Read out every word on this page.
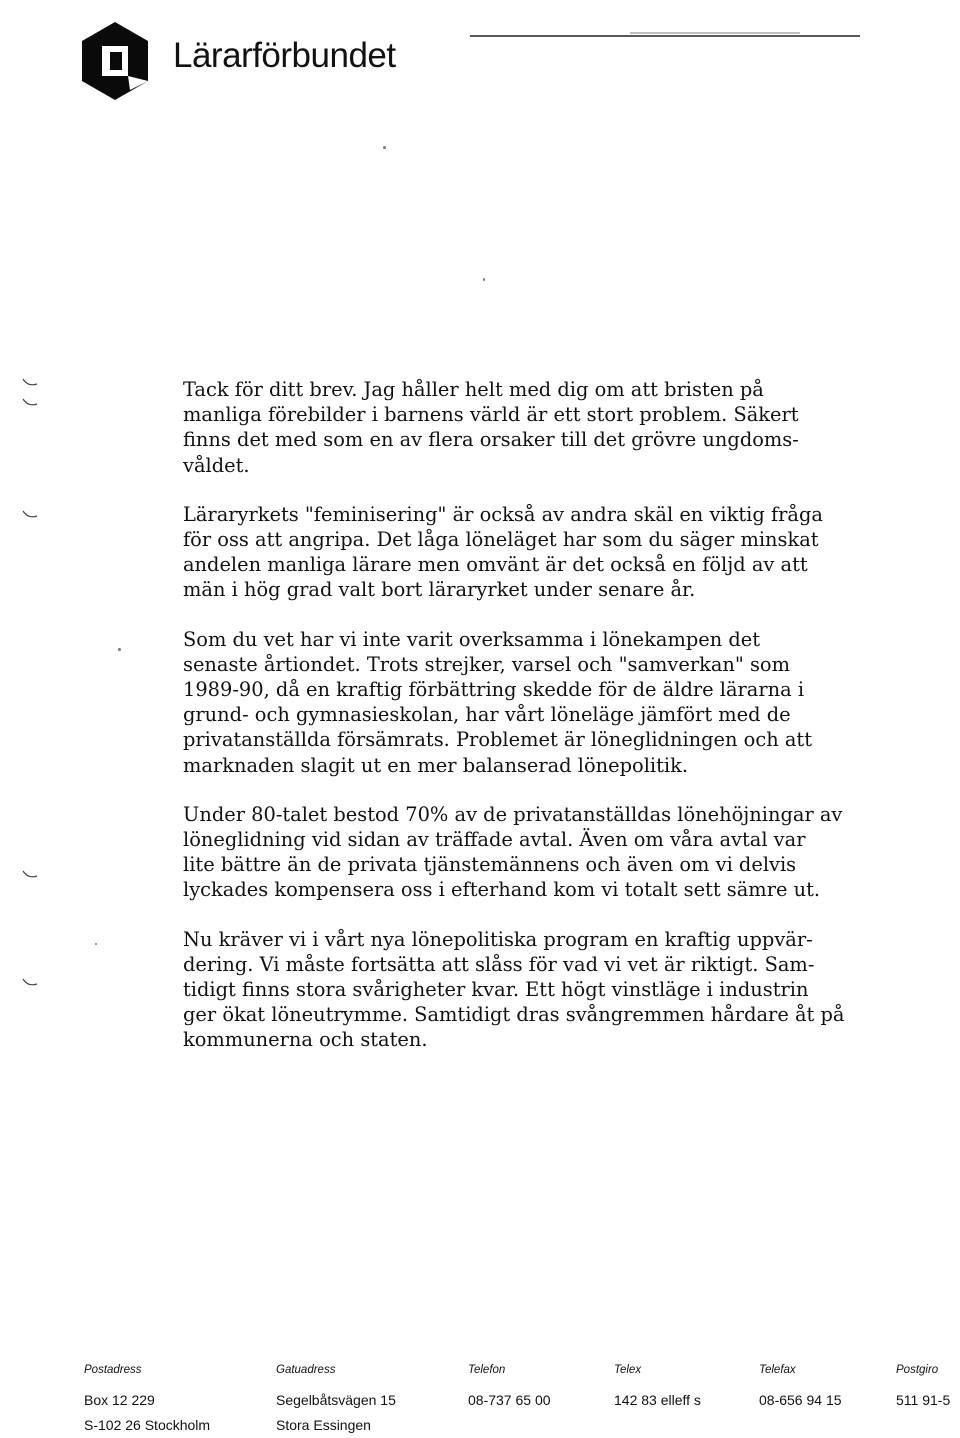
Lärarförbundet

Tack för ditt brev. Jag håller helt med dig om att bristen på
manliga förebilder i barnens värld är ett stort problem. Säkert
finns det med som en av flera orsaker till det grövre ungdoms-
våldet.

Läraryrkets "feminisering" är också av andra skäl en viktig fråga
för oss att angripa. Det låga löneläget har som du säger minskat
andelen manliga lärare men omvänt är det också en följd av att
män i hög grad valt bort läraryrket under senare år.

Som du vet har vi inte varit overksamma i lönekampen det
senaste årtiondet. Trots strejker, varsel och "samverkan" som
1989-90, då en kraftig förbättring skedde för de äldre lärarna i
grund- och gymnasieskolan, har vårt löneläge jämfört med de
privatanställda försämrats. Problemet är löneglidningen och att
marknaden slagit ut en mer balanserad lönepolitik.

Under 80-talet bestod 70% av de privatanställdas lönehöjningar av
löneglidning vid sidan av träffade avtal. Även om våra avtal var
lite bättre än de privata tjänstemännens och även om vi delvis
lyckades kompensera oss i efterhand kom vi totalt sett sämre ut.

Nu kräver vi i vårt nya lönepolitiska program en kraftig uppvär-
dering. Vi måste fortsätta att slåss för vad vi vet är riktigt. Sam-
tidigt finns stora svårigheter kvar. Ett högt vinstläge i industrin
ger ökat löneutrymme. Samtidigt dras svångremmen hårdare åt på
kommunerna och staten.

Postadress
Box 12 229
S-102 26 Stockholm
Gatuadress
Segelbåtsvägen 15
Stora Essingen
Telefon
08-737 65 00
Telex
142 83 elleff s
Telefax
08-656 94 15
Postgiro
511 91-5
